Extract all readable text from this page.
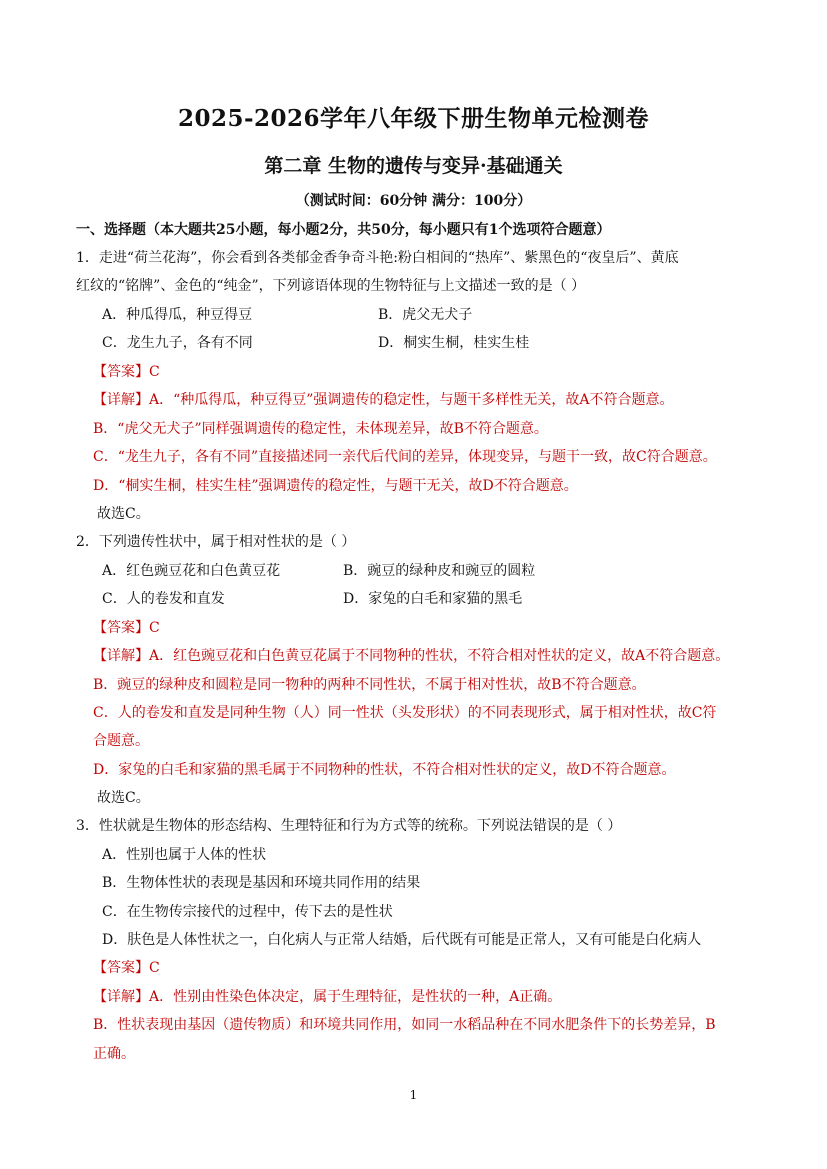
2025-2026学年八年级下册生物单元检测卷
第二章 生物的遗传与变异·基础通关
（测试时间：60分钟 满分：100分）
一、选择题（本大题共25小题，每小题2分，共50分，每小题只有1个选项符合题意）
1．走进“荷兰花海”，你会看到各类郁金香争奇斗艳:粉白相间的“热库”、紫黑色的“夜皇后”、黄底
红纹的“铭牌”、金色的“纯金”，下列谚语体现的生物特征与上文描述一致的是（ ）
A．种瓜得瓜，种豆得豆	B．虎父无犬子
C．龙生九子，各有不同	D．桐实生桐，桂实生桂
【答案】C
【详解】A．“种瓜得瓜，种豆得豆”强调遗传的稳定性，与题干多样性无关，故A不符合题意。
B．“虎父无犬子”同样强调遗传的稳定性，未体现差异，故B不符合题意。
C．“龙生九子，各有不同”直接描述同一亲代后代间的差异，体现变异，与题干一致，故C符合题意。
D．“桐实生桐，桂实生桂”强调遗传的稳定性，与题干无关，故D不符合题意。
故选C。
2．下列遗传性状中，属于相对性状的是（ ）
A．红色豌豆花和白色黄豆花	B．豌豆的绿种皮和豌豆的圆粒
C．人的卷发和直发	D．家兔的白毛和家猫的黑毛
【答案】C
【详解】A．红色豌豆花和白色黄豆花属于不同物种的性状，不符合相对性状的定义，故A不符合题意。
B．豌豆的绿种皮和圆粒是同一物种的两种不同性状，不属于相对性状，故B不符合题意。
C．人的卷发和直发是同种生物（人）同一性状（头发形状）的不同表现形式，属于相对性状，故C符
合题意。
D．家兔的白毛和家猫的黑毛属于不同物种的性状，不符合相对性状的定义，故D不符合题意。
故选C。
3．性状就是生物体的形态结构、生理特征和行为方式等的统称。下列说法错误的是（ ）
A．性别也属于人体的性状
B．生物体性状的表现是基因和环境共同作用的结果
C．在生物传宗接代的过程中，传下去的是性状
D．肤色是人体性状之一，白化病人与正常人结婚，后代既有可能是正常人，又有可能是白化病人
【答案】C
【详解】A．性别由性染色体决定，属于生理特征，是性状的一种，A正确。
B．性状表现由基因（遗传物质）和环境共同作用，如同一水稻品种在不同水肥条件下的长势差异，B
正确。
1
